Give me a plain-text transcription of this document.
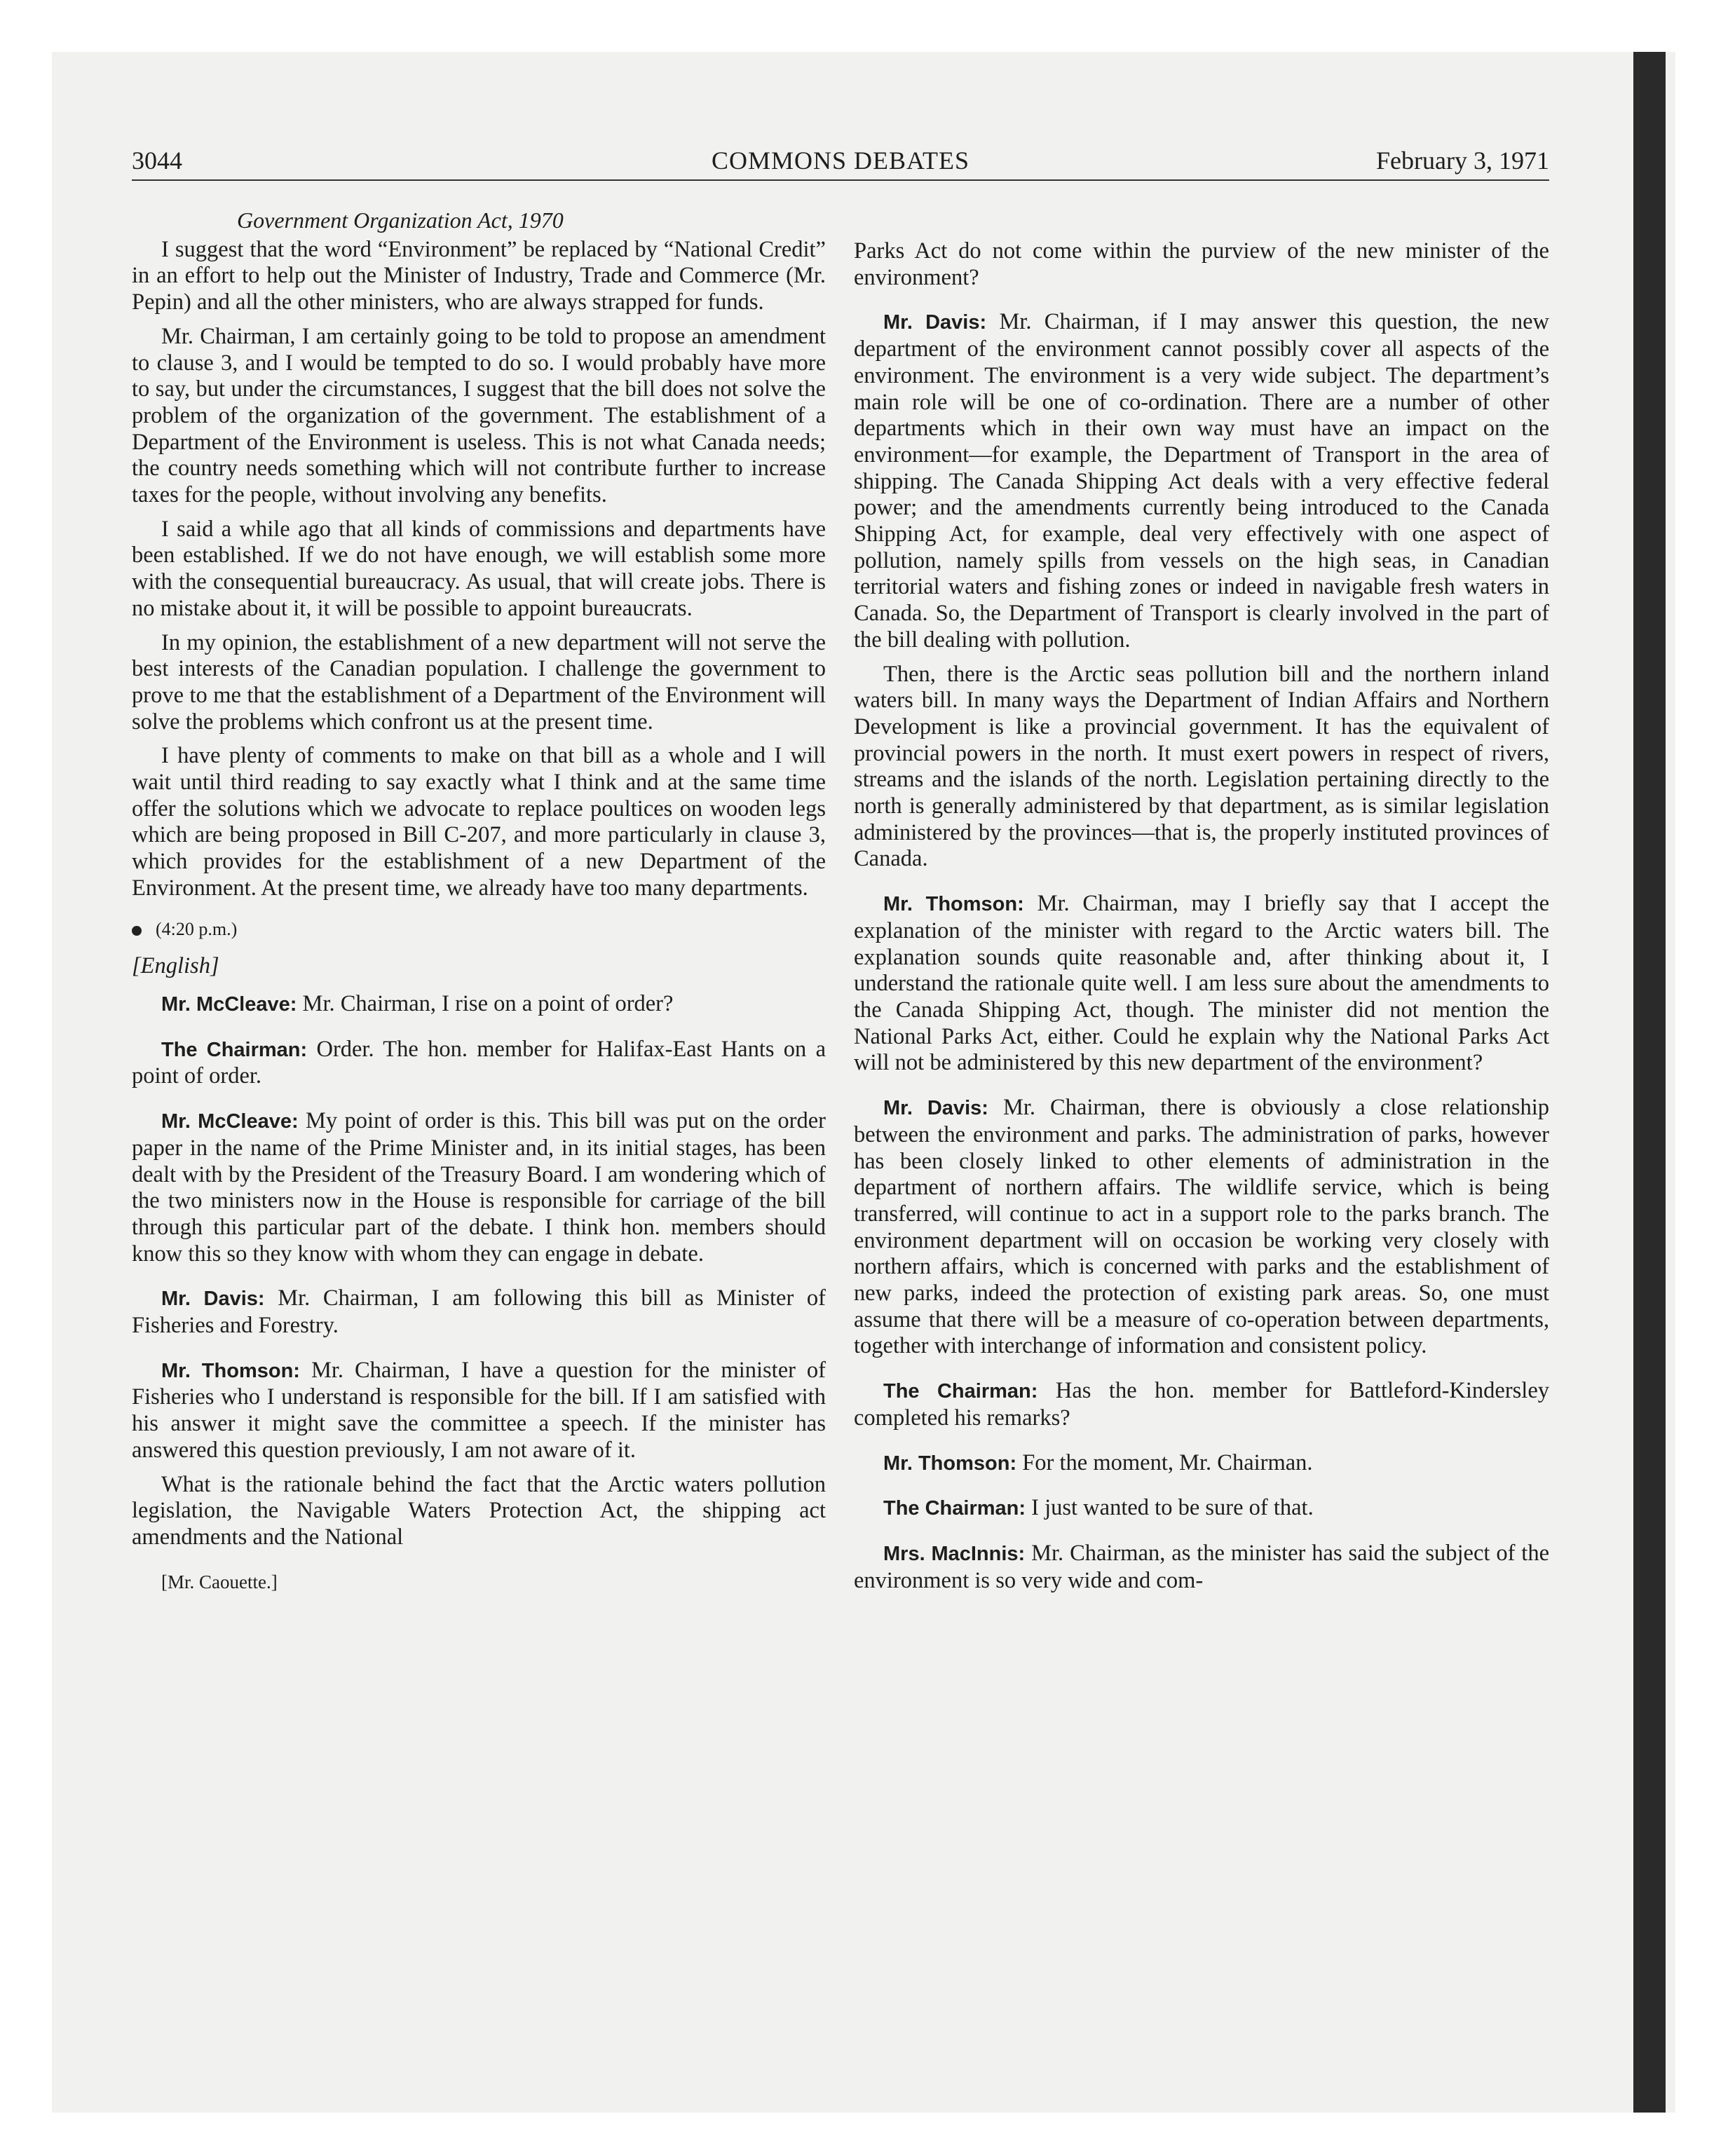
3044	COMMONS DEBATES	February 3, 1971

Government Organization Act, 1970

I suggest that the word “Environment” be replaced by “National Credit” in an effort to help out the Minister of Industry, Trade and Commerce (Mr. Pepin) and all the other ministers, who are always strapped for funds.

Mr. Chairman, I am certainly going to be told to propose an amendment to clause 3, and I would be tempted to do so. I would probably have more to say, but under the circumstances, I suggest that the bill does not solve the problem of the organization of the government. The establishment of a Department of the Environment is useless. This is not what Canada needs; the country needs something which will not contribute further to increase taxes for the people, without involving any benefits.

I said a while ago that all kinds of commissions and departments have been established. If we do not have enough, we will establish some more with the consequential bureaucracy. As usual, that will create jobs. There is no mistake about it, it will be possible to appoint bureaucrats.

In my opinion, the establishment of a new department will not serve the best interests of the Canadian population. I challenge the government to prove to me that the establishment of a Department of the Environment will solve the problems which confront us at the present time.

I have plenty of comments to make on that bill as a whole and I will wait until third reading to say exactly what I think and at the same time offer the solutions which we advocate to replace poultices on wooden legs which are being proposed in Bill C-207, and more particularly in clause 3, which provides for the establishment of a new Department of the Environment. At the present time, we already have too many departments.

(4:20 p.m.)

[English]

Mr. McCleave: Mr. Chairman, I rise on a point of order?

The Chairman: Order. The hon. member for Halifax-East Hants on a point of order.

Mr. McCleave: My point of order is this. This bill was put on the order paper in the name of the Prime Minister and, in its initial stages, has been dealt with by the President of the Treasury Board. I am wondering which of the two ministers now in the House is responsible for carriage of the bill through this particular part of the debate. I think hon. members should know this so they know with whom they can engage in debate.

Mr. Davis: Mr. Chairman, I am following this bill as Minister of Fisheries and Forestry.

Mr. Thomson: Mr. Chairman, I have a question for the minister of Fisheries who I understand is responsible for the bill. If I am satisfied with his answer it might save the committee a speech. If the minister has answered this question previously, I am not aware of it.

What is the rationale behind the fact that the Arctic waters pollution legislation, the Navigable Waters Protection Act, the shipping act amendments and the National

[Mr. Caouette.]

Parks Act do not come within the purview of the new minister of the environment?

Mr. Davis: Mr. Chairman, if I may answer this question, the new department of the environment cannot possibly cover all aspects of the environment. The environment is a very wide subject. The department’s main role will be one of co-ordination. There are a number of other departments which in their own way must have an impact on the environment—for example, the Department of Transport in the area of shipping. The Canada Shipping Act deals with a very effective federal power; and the amendments currently being introduced to the Canada Shipping Act, for example, deal very effectively with one aspect of pollution, namely spills from vessels on the high seas, in Canadian territorial waters and fishing zones or indeed in navigable fresh waters in Canada. So, the Department of Transport is clearly involved in the part of the bill dealing with pollution.

Then, there is the Arctic seas pollution bill and the northern inland waters bill. In many ways the Department of Indian Affairs and Northern Development is like a provincial government. It has the equivalent of provincial powers in the north. It must exert powers in respect of rivers, streams and the islands of the north. Legislation pertaining directly to the north is generally administered by that department, as is similar legislation administered by the provinces—that is, the properly instituted provinces of Canada.

Mr. Thomson: Mr. Chairman, may I briefly say that I accept the explanation of the minister with regard to the Arctic waters bill. The explanation sounds quite reasonable and, after thinking about it, I understand the rationale quite well. I am less sure about the amendments to the Canada Shipping Act, though. The minister did not mention the National Parks Act, either. Could he explain why the National Parks Act will not be administered by this new department of the environment?

Mr. Davis: Mr. Chairman, there is obviously a close relationship between the environment and parks. The administration of parks, however has been closely linked to other elements of administration in the department of northern affairs. The wildlife service, which is being transferred, will continue to act in a support role to the parks branch. The environment department will on occasion be working very closely with northern affairs, which is concerned with parks and the establishment of new parks, indeed the protection of existing park areas. So, one must assume that there will be a measure of co-operation between departments, together with interchange of information and consistent policy.

The Chairman: Has the hon. member for Battleford-Kindersley completed his remarks?

Mr. Thomson: For the moment, Mr. Chairman.

The Chairman: I just wanted to be sure of that.

Mrs. MacInnis: Mr. Chairman, as the minister has said the subject of the environment is so very wide and com-
